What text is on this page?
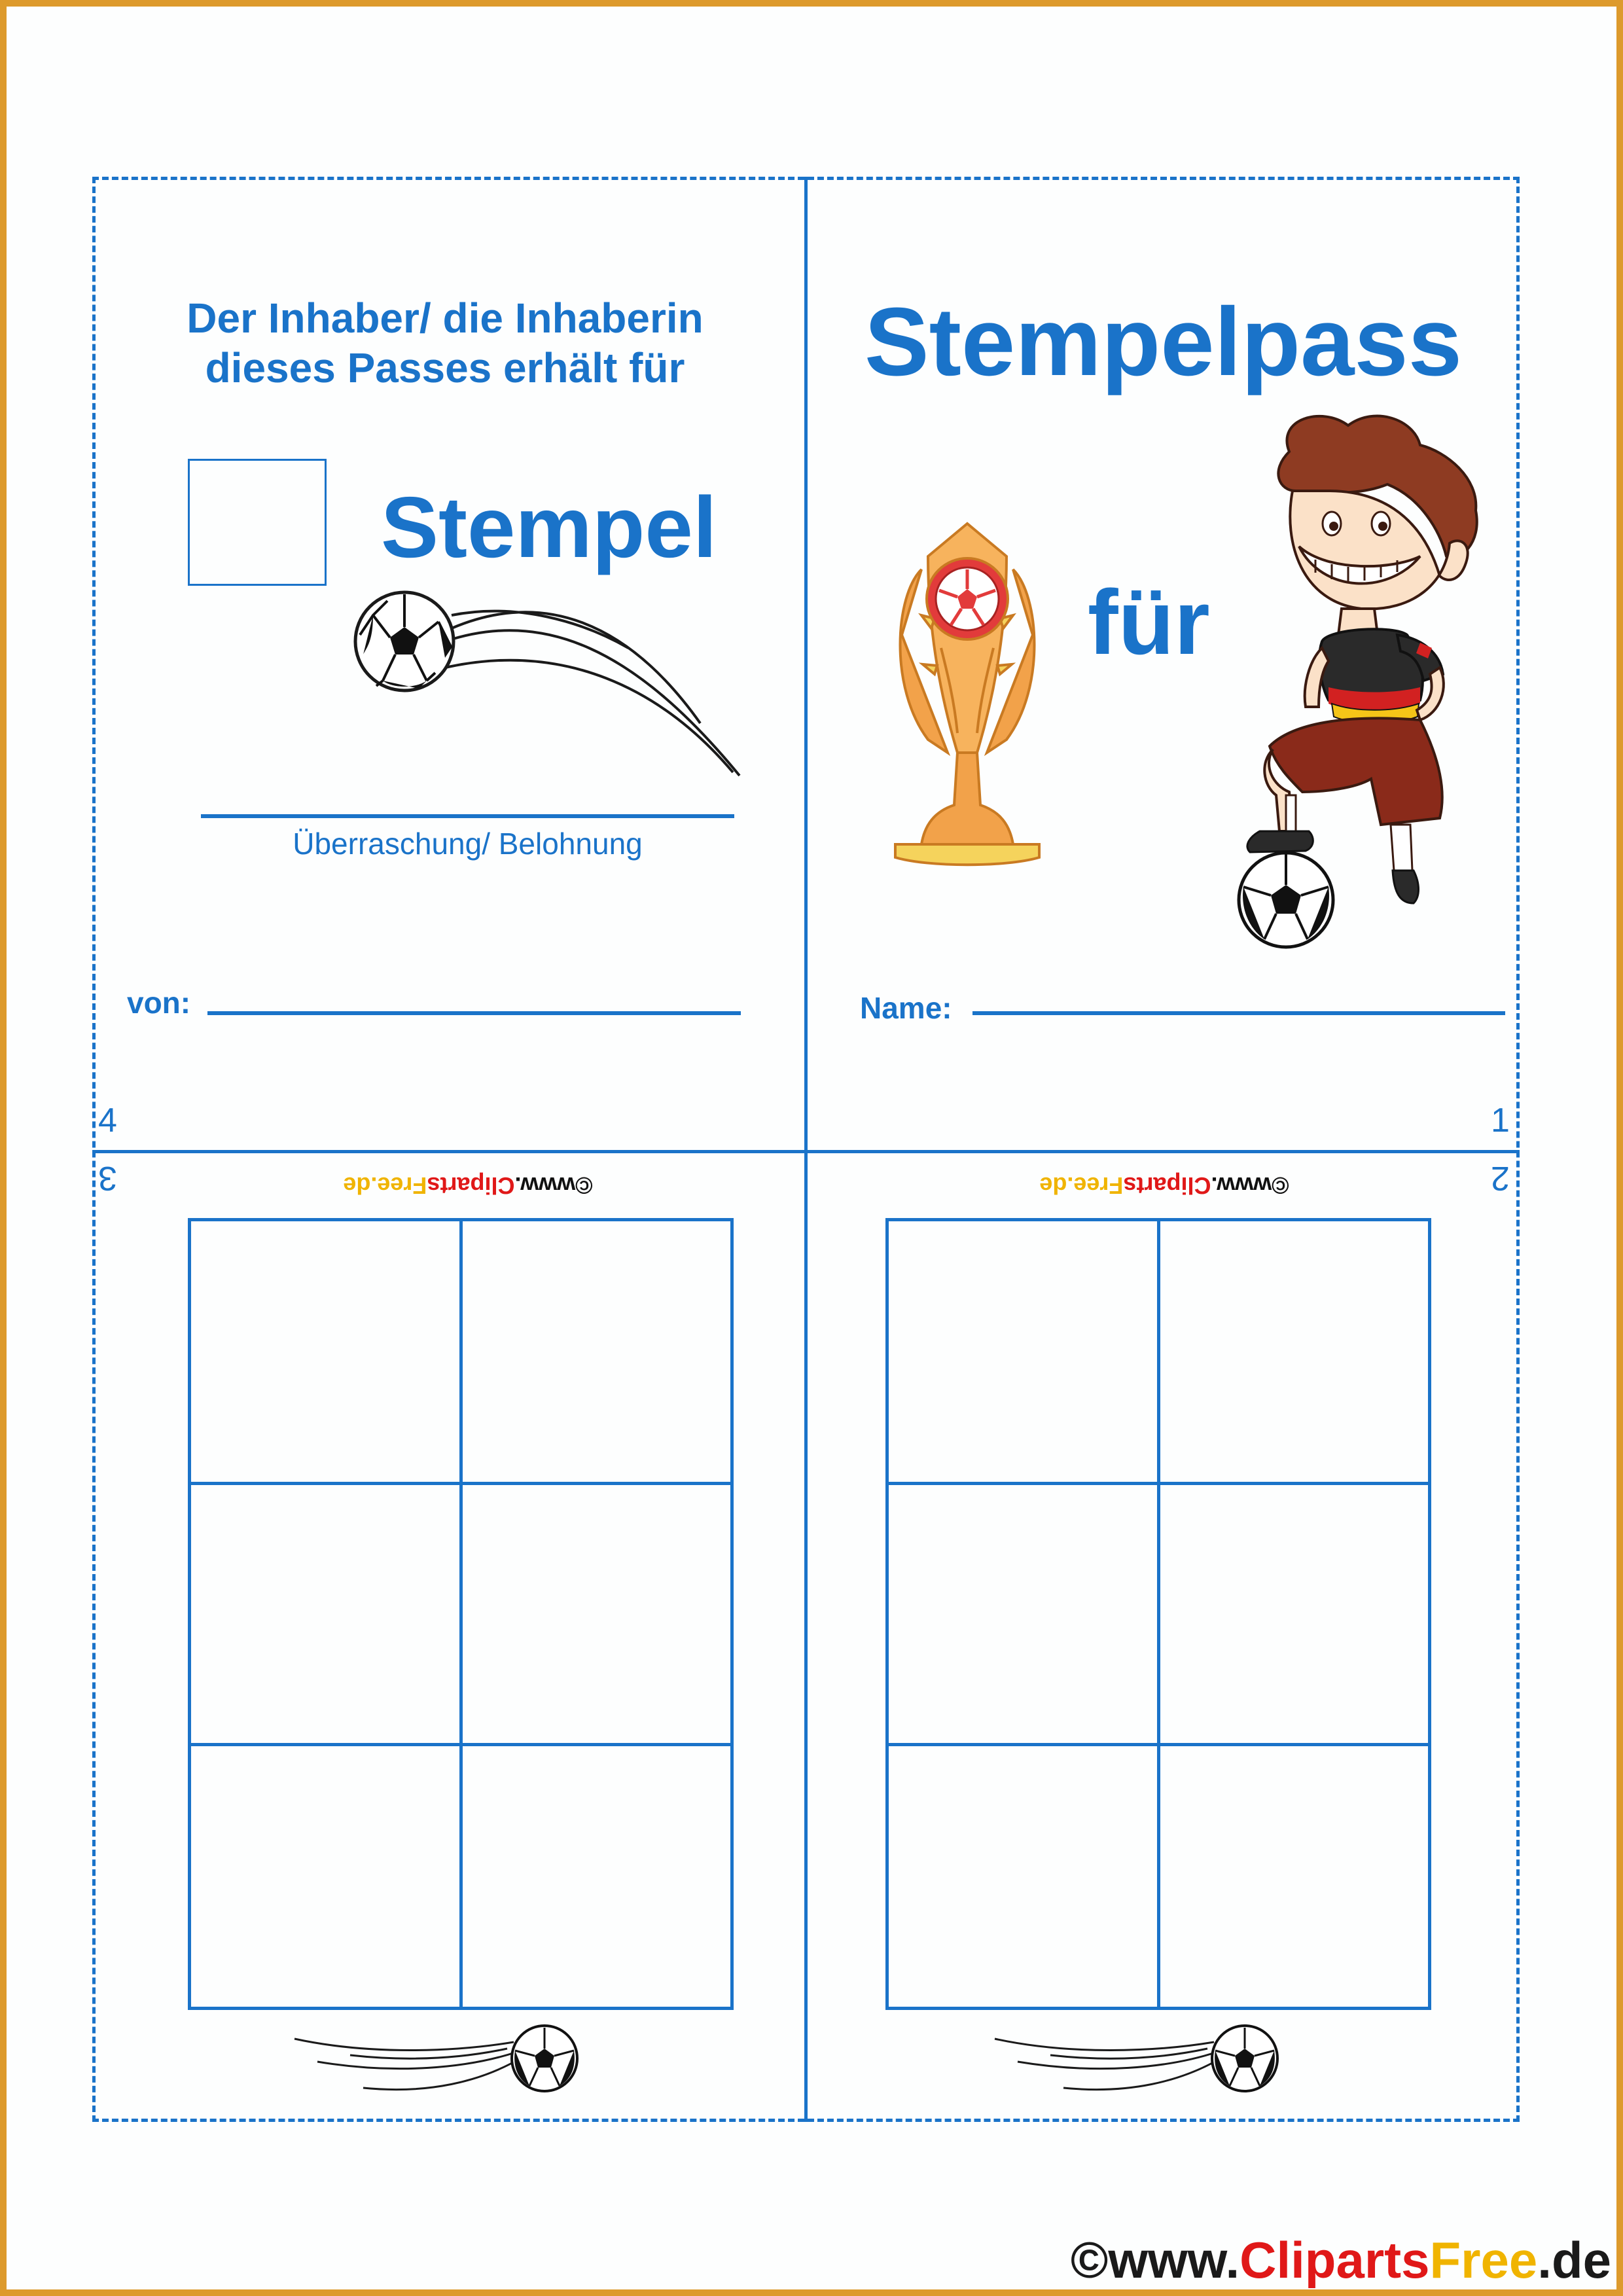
Der Inhaber/ die Inhaberin
dieses Passes erhält für
Stempel
Überraschung/ Belohnung
von:
4
Stempelpass
für
Name:
1
3	©www.ClipartsFree.de	2
©www.ClipartsFree.de
©www.ClipartsFree.de
